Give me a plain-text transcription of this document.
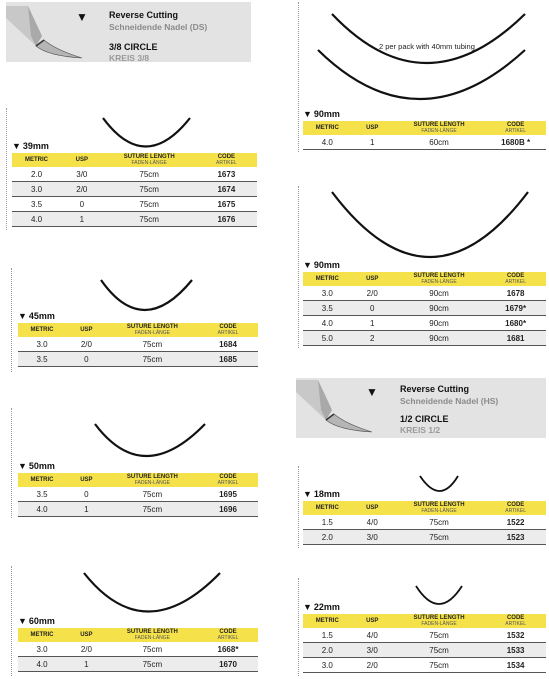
▼ Reverse Cutting
Schneidende Nadel (DS)
3/8 CIRCLE
KREIS 3/8
▼ Reverse Cutting
Schneidende Nadel (HS)
1/2 CIRCLE
KREIS 1/2
2 per pack with 40mm tubing
▼ 39mm
▼ 45mm
▼ 50mm
▼ 60mm
▼ 90mm
▼ 90mm
▼ 18mm
▼ 22mm
METRIC	USP	SUTURE LENGTH
FADEN-LÄNGE	CODE
ARTIKEL

2.0	3/0	75cm	1673
3.0	2/0	75cm	1674
3.5	0	75cm	1675
4.0	1	75cm	1676
METRIC	USP	SUTURE LENGTH
FADEN-LÄNGE	CODE
ARTIKEL

3.0	2/0	75cm	1684
3.5	0	75cm	1685
METRIC	USP	SUTURE LENGTH
FADEN-LÄNGE	CODE
ARTIKEL

3.5	0	75cm	1695
4.0	1	75cm	1696
METRIC	USP	SUTURE LENGTH
FADEN-LÄNGE	CODE
ARTIKEL

3.0	2/0	75cm	1668*
4.0	1	75cm	1670
METRIC	USP	SUTURE LENGTH
FADEN-LÄNGE	CODE
ARTIKEL

4.0	1	60cm	1680B *
METRIC	USP	SUTURE LENGTH
FADEN-LÄNGE	CODE
ARTIKEL

3.0	2/0	90cm	1678
3.5	0	90cm	1679*
4.0	1	90cm	1680*
5.0	2	90cm	1681
METRIC	USP	SUTURE LENGTH
FADEN-LÄNGE	CODE
ARTIKEL

1.5	4/0	75cm	1522
2.0	3/0	75cm	1523
METRIC	USP	SUTURE LENGTH
FADEN-LÄNGE	CODE
ARTIKEL

1.5	4/0	75cm	1532
2.0	3/0	75cm	1533
3.0	2/0	75cm	1534
